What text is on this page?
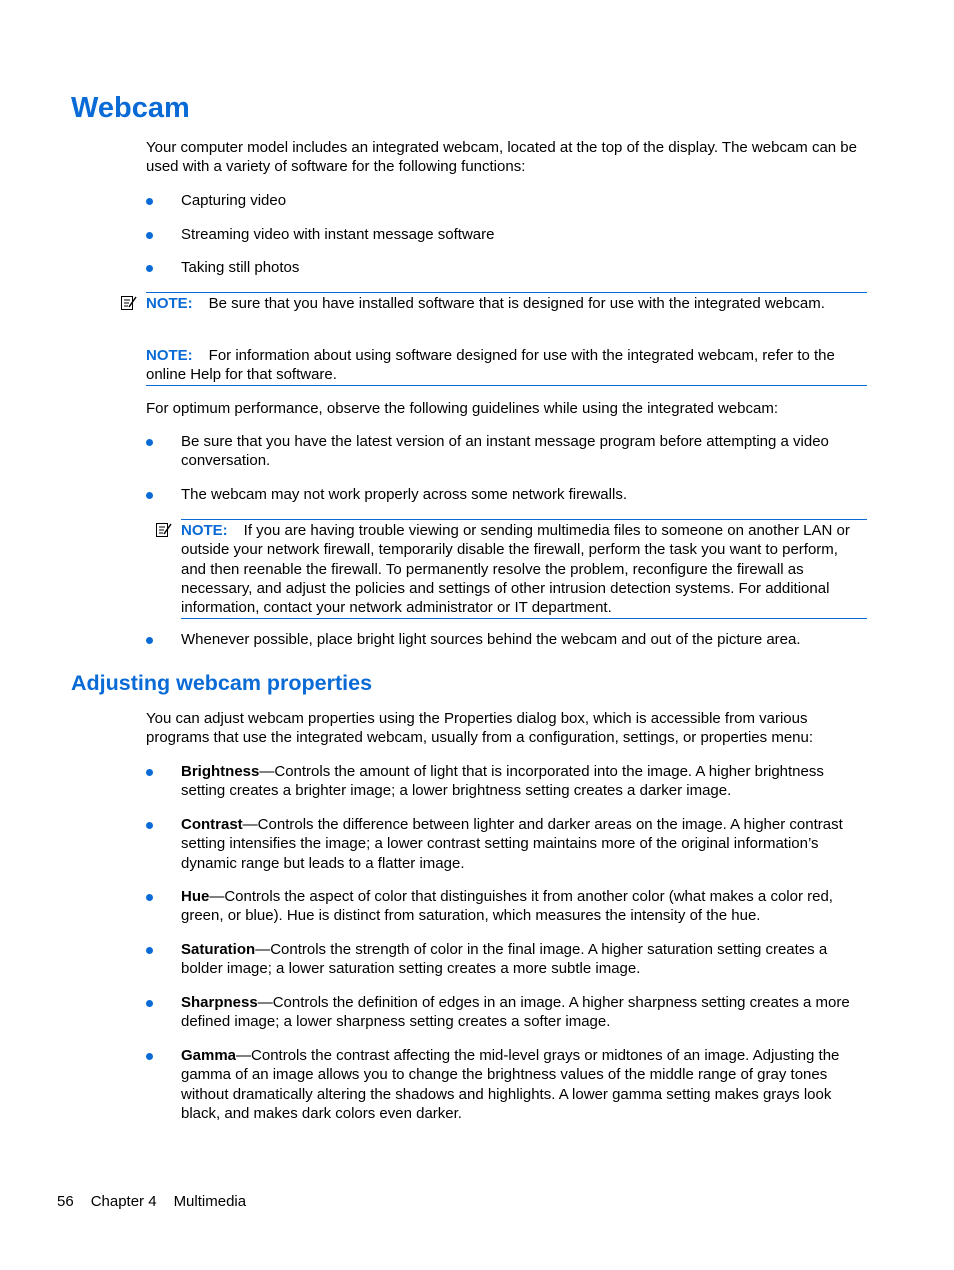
Webcam

Your computer model includes an integrated webcam, located at the top of the display. The webcam can be used with a variety of software for the following functions:

Capturing video
Streaming video with instant message software
Taking still photos
NOTE: Be sure that you have installed software that is designed for use with the integrated webcam.
NOTE: For information about using software designed for use with the integrated webcam, refer to the online Help for that software.

For optimum performance, observe the following guidelines while using the integrated webcam:

Be sure that you have the latest version of an instant message program before attempting a video conversation.
The webcam may not work properly across some network firewalls.
NOTE: If you are having trouble viewing or sending multimedia files to someone on another LAN or outside your network firewall, temporarily disable the firewall, perform the task you want to perform, and then reenable the firewall. To permanently resolve the problem, reconfigure the firewall as necessary, and adjust the policies and settings of other intrusion detection systems. For additional information, contact your network administrator or IT department.
Whenever possible, place bright light sources behind the webcam and out of the picture area.
Adjusting webcam properties

You can adjust webcam properties using the Properties dialog box, which is accessible from various programs that use the integrated webcam, usually from a configuration, settings, or properties menu:

Brightness—Controls the amount of light that is incorporated into the image. A higher brightness setting creates a brighter image; a lower brightness setting creates a darker image.
Contrast—Controls the difference between lighter and darker areas on the image. A higher contrast setting intensifies the image; a lower contrast setting maintains more of the original information’s dynamic range but leads to a flatter image.
Hue—Controls the aspect of color that distinguishes it from another color (what makes a color red, green, or blue). Hue is distinct from saturation, which measures the intensity of the hue.
Saturation—Controls the strength of color in the final image. A higher saturation setting creates a bolder image; a lower saturation setting creates a more subtle image.
Sharpness—Controls the definition of edges in an image. A higher sharpness setting creates a more defined image; a lower sharpness setting creates a softer image.
Gamma—Controls the contrast affecting the mid-level grays or midtones of an image. Adjusting the gamma of an image allows you to change the brightness values of the middle range of gray tones without dramatically altering the shadows and highlights. A lower gamma setting makes grays look black, and makes dark colors even darker.
56 Chapter 4 Multimedia
